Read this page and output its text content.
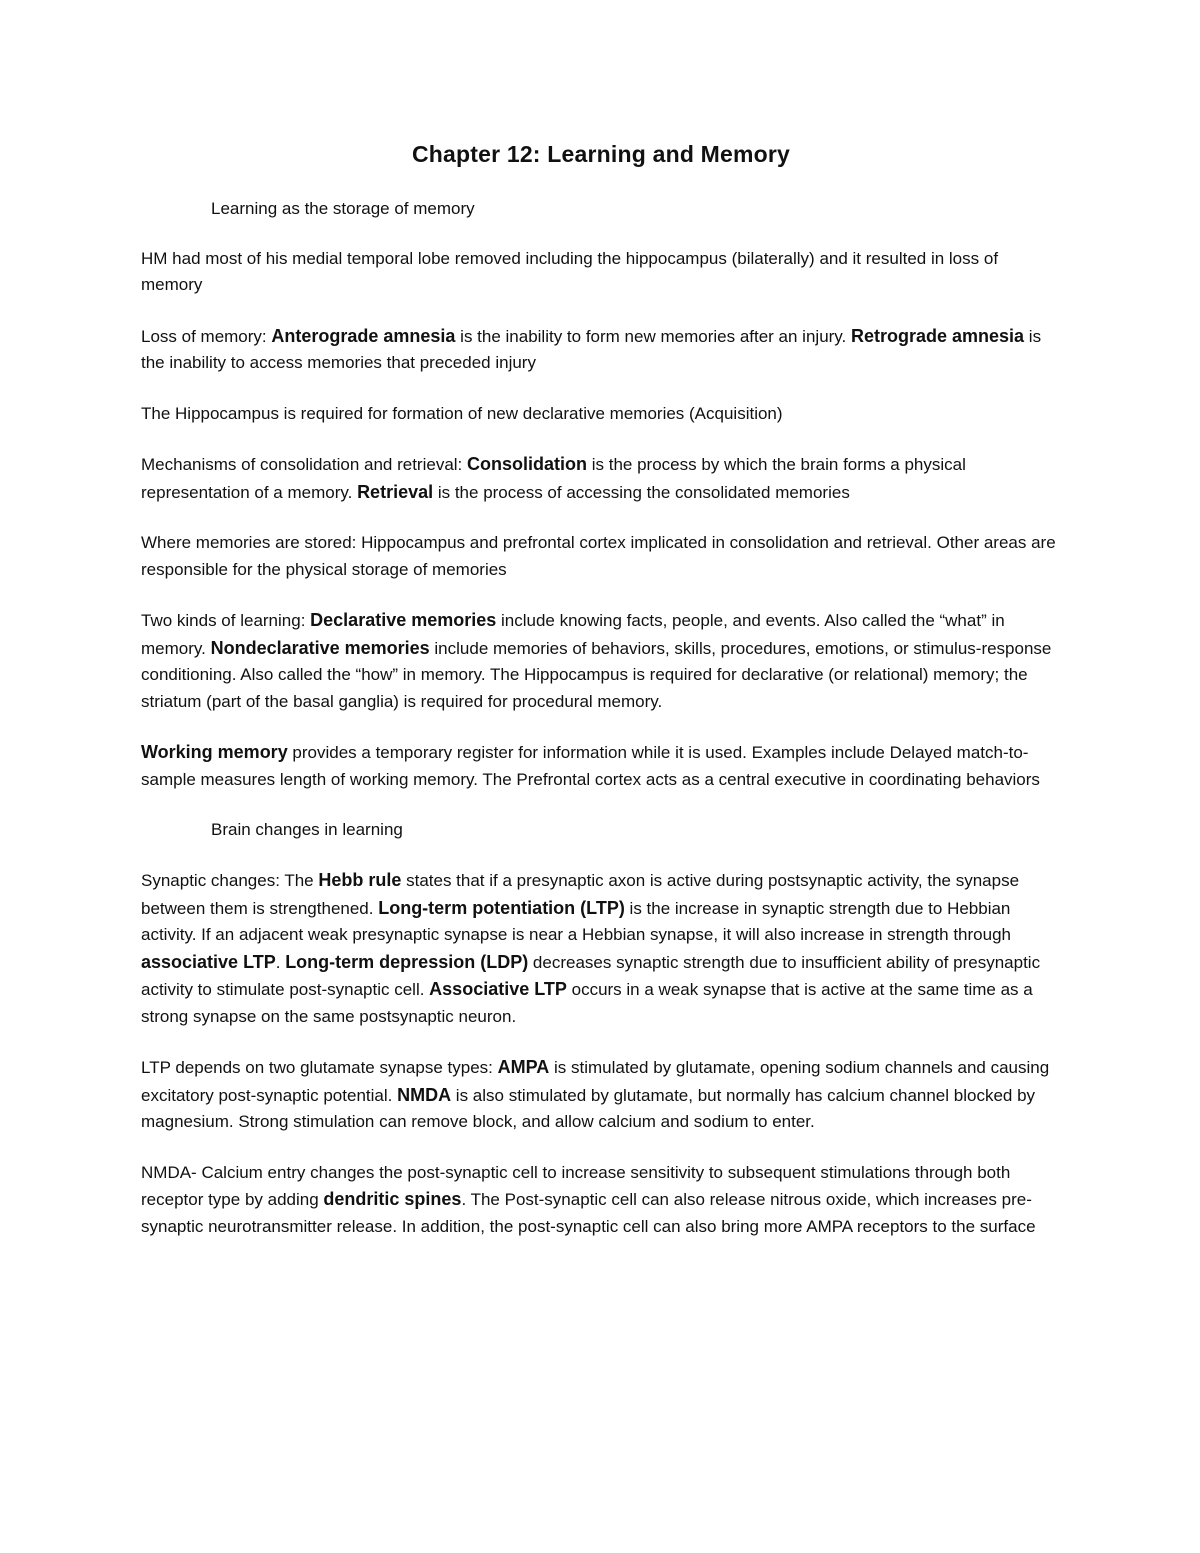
Chapter 12: Learning and Memory
Learning as the storage of memory

HM had most of his medial temporal lobe removed including the hippocampus (bilaterally) and it resulted in loss of memory

Loss of memory: Anterograde amnesia is the inability to form new memories after an injury. Retrograde amnesia is the inability to access memories that preceded injury

The Hippocampus is required for formation of new declarative memories (Acquisition)

Mechanisms of consolidation and retrieval: Consolidation is the process by which the brain forms a physical representation of a memory. Retrieval is the process of accessing the consolidated memories

Where memories are stored: Hippocampus and prefrontal cortex implicated in consolidation and retrieval. Other areas are responsible for the physical storage of memories

Two kinds of learning: Declarative memories include knowing facts, people, and events. Also called the “what” in memory. Nondeclarative memories include memories of behaviors, skills, procedures, emotions, or stimulus-response conditioning. Also called the “how” in memory. The Hippocampus is required for declarative (or relational) memory; the striatum (part of the basal ganglia) is required for procedural memory.

Working memory provides a temporary register for information while it is used. Examples include Delayed match-to-sample measures length of working memory. The Prefrontal cortex acts as a central executive in coordinating behaviors

Brain changes in learning

Synaptic changes: The Hebb rule states that if a presynaptic axon is active during postsynaptic activity, the synapse between them is strengthened. Long-term potentiation (LTP) is the increase in synaptic strength due to Hebbian activity. If an adjacent weak presynaptic synapse is near a Hebbian synapse, it will also increase in strength through associative LTP. Long-term depression (LDP) decreases synaptic strength due to insufficient ability of presynaptic activity to stimulate post-synaptic cell. Associative LTP occurs in a weak synapse that is active at the same time as a strong synapse on the same postsynaptic neuron.

LTP depends on two glutamate synapse types: AMPA is stimulated by glutamate, opening sodium channels and causing excitatory post-synaptic potential. NMDA is also stimulated by glutamate, but normally has calcium channel blocked by magnesium. Strong stimulation can remove block, and allow calcium and sodium to enter.

NMDA- Calcium entry changes the post-synaptic cell to increase sensitivity to subsequent stimulations through both receptor type by adding dendritic spines. The Post-synaptic cell can also release nitrous oxide, which increases pre-synaptic neurotransmitter release. In addition, the post-synaptic cell can also bring more AMPA receptors to the surface
